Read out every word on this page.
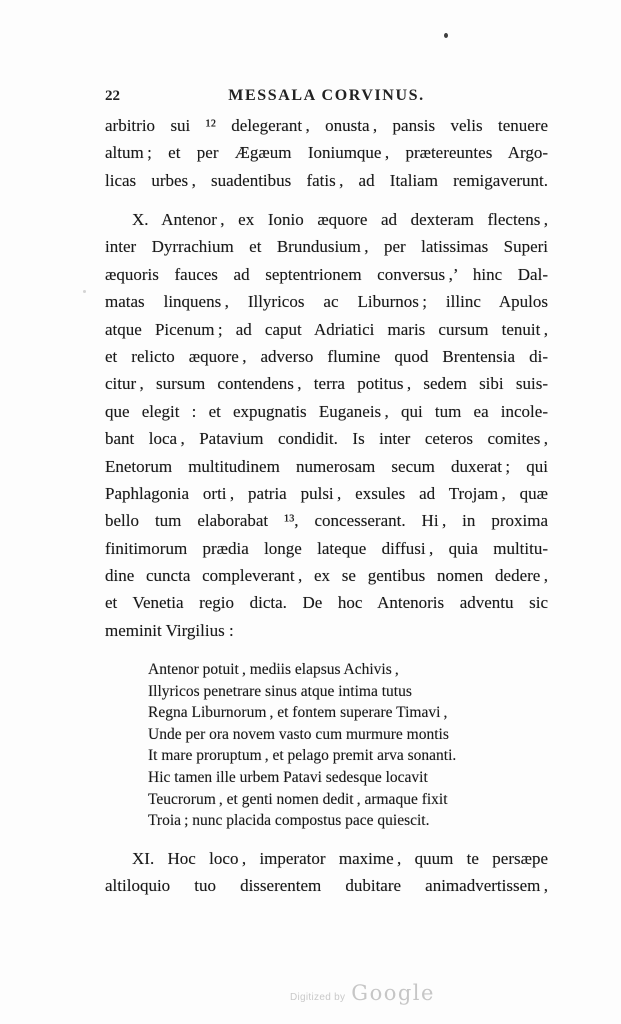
22	MESSALA CORVINUS.
arbitrio sui ¹² delegerant , onusta , pansis velis tenuere
altum ; et per Ægæum Ioniumque , prætereuntes Argo-
licas urbes , suadentibus fatis , ad Italiam remigaverunt.
X. Antenor , ex Ionio æquore ad dexteram flectens ,
inter Dyrrachium et Brundusium , per latissimas Superi
æquoris fauces ad septentrionem conversus ,’ hinc Dal-
matas linquens , Illyricos ac Liburnos ; illinc Apulos
atque Picenum ; ad caput Adriatici maris cursum tenuit ,
et relicto æquore , adverso flumine quod Brentensia di-
citur , sursum contendens , terra potitus , sedem sibi suis-
que elegit : et expugnatis Euganeis , qui tum ea incole-
bant loca , Patavium condidit. Is inter ceteros comites ,
Enetorum multitudinem numerosam secum duxerat ; qui
Paphlagonia orti , patria pulsi , exsules ad Trojam , quæ
bello tum elaborabat ¹³, concesserant. Hi , in proxima
finitimorum prædia longe lateque diffusi , quia multitu-
dine cuncta compleverant , ex se gentibus nomen dedere ,
et Venetia regio dicta. De hoc Antenoris adventu sic
meminit Virgilius :
Antenor potuit , mediis elapsus Achivis ,
Illyricos penetrare sinus atque intima tutus
Regna Liburnorum , et fontem superare Timavi ,
Unde per ora novem vasto cum murmure montis
It mare proruptum , et pelago premit arva sonanti.
Hic tamen ille urbem Patavi sedesque locavit
Teucrorum , et genti nomen dedit , armaque fixit
Troia ; nunc placida compostus pace quiescit.
XI. Hoc loco , imperator maxime , quum te persæpe
altiloquio tuo disserentem dubitare animadvertissem ,
Digitized by Google
